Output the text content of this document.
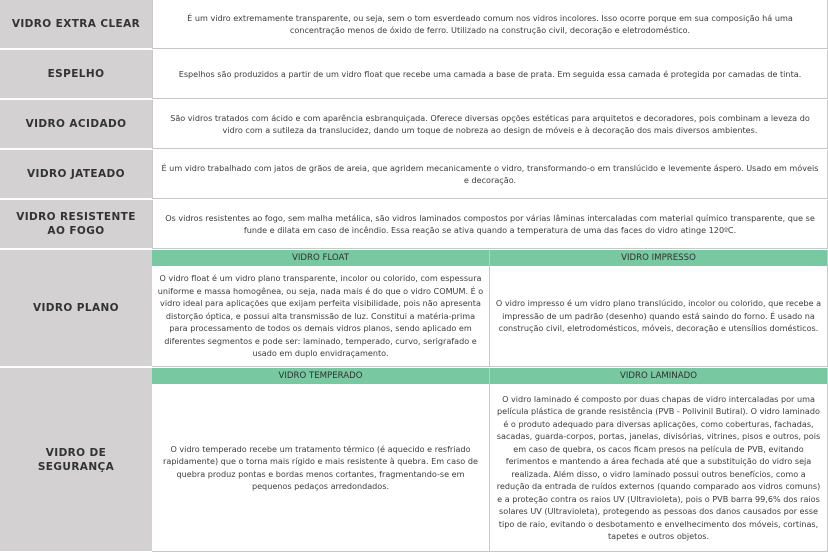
VIDRO EXTRA CLEAR
É um vidro extremamente transparente, ou seja, sem o tom esverdeado comum nos vidros incolores. Isso ocorre porque em sua composição há uma concentração menos de óxido de ferro. Utilizado na construção civil, decoração e eletrodoméstico.
ESPELHO	Espelhos são produzidos a partir de um vidro float que recebe uma camada a base de prata. Em seguida essa camada é protegida por camadas de tinta.
VIDRO ACIDADO
São vidros tratados com ácido e com aparência esbranquiçada. Oferece diversas opções estéticas para arquitetos e decoradores, pois combinam a leveza do vidro com a sutileza da translucidez, dando um toque de nobreza ao design de móveis e à decoração dos mais diversos ambientes.
VIDRO JATEADO
É um vidro trabalhado com jatos de grãos de areia, que agridem mecanicamente o vidro, transformando-o em translúcido e levemente áspero. Usado em móveis e decoração.
VIDRO RESISTENTE AO FOGO
Os vidros resistentes ao fogo, sem malha metálica, são vidros laminados compostos por várias lâminas intercaladas com material químico transparente, que se funde e dilata em caso de incêndio. Essa reação se ativa quando a temperatura de uma das faces do vidro atinge 120ºC.
VIDRO PLANO
VIDRO FLOAT
O vidro float é um vidro plano transparente, incolor ou colorido, com espessura uniforme e massa homogênea, ou seja, nada mais é do que o vidro COMUM. É o vidro ideal para aplicações que exijam perfeita visibilidade, pois não apresenta distorção óptica, e possui alta transmissão de luz. Constitui a matéria-prima para processamento de todos os demais vidros planos, sendo aplicado em diferentes segmentos e pode ser: laminado, temperado, curvo, serigrafado e usado em duplo envidraçamento.
VIDRO IMPRESSO
O vidro impresso é um vidro plano translúcido, incolor ou colorido, que recebe a impressão de um padrão (desenho) quando está saindo do forno. É usado na construção civil, eletrodomésticos, móveis, decoração e utensílios domésticos.
VIDRO DE SEGURANÇA
VIDRO TEMPERADO
O vidro temperado recebe um tratamento térmico (é aquecido e resfriado rapidamente) que o torna mais rígido e mais resistente à quebra. Em caso de quebra produz pontas e bordas menos cortantes, fragmentando-se em pequenos pedaços arredondados.
VIDRO LAMINADO
O vidro laminado é composto por duas chapas de vidro intercaladas por uma película plástica de grande resistência (PVB - Polivinil Butiral). O vidro laminado é o produto adequado para diversas aplicações, como coberturas, fachadas, sacadas, guarda-corpos, portas, janelas, divisórias, vitrines, pisos e outros, pois em caso de quebra, os cacos ficam presos na película de PVB, evitando ferimentos e mantendo a área fechada até que a substituição do vidro seja realizada. Além disso, o vidro laminado possui outros benefícios, como a redução da entrada de ruídos externos (quando comparado aos vidros comuns) e a proteção contra os raios UV (Ultravioleta), pois o PVB barra 99,6% dos raios solares UV (Ultravioleta), protegendo as pessoas dos danos causados por esse tipo de raio, evitando o desbotamento e envelhecimento dos móveis, cortinas, tapetes e outros objetos.
